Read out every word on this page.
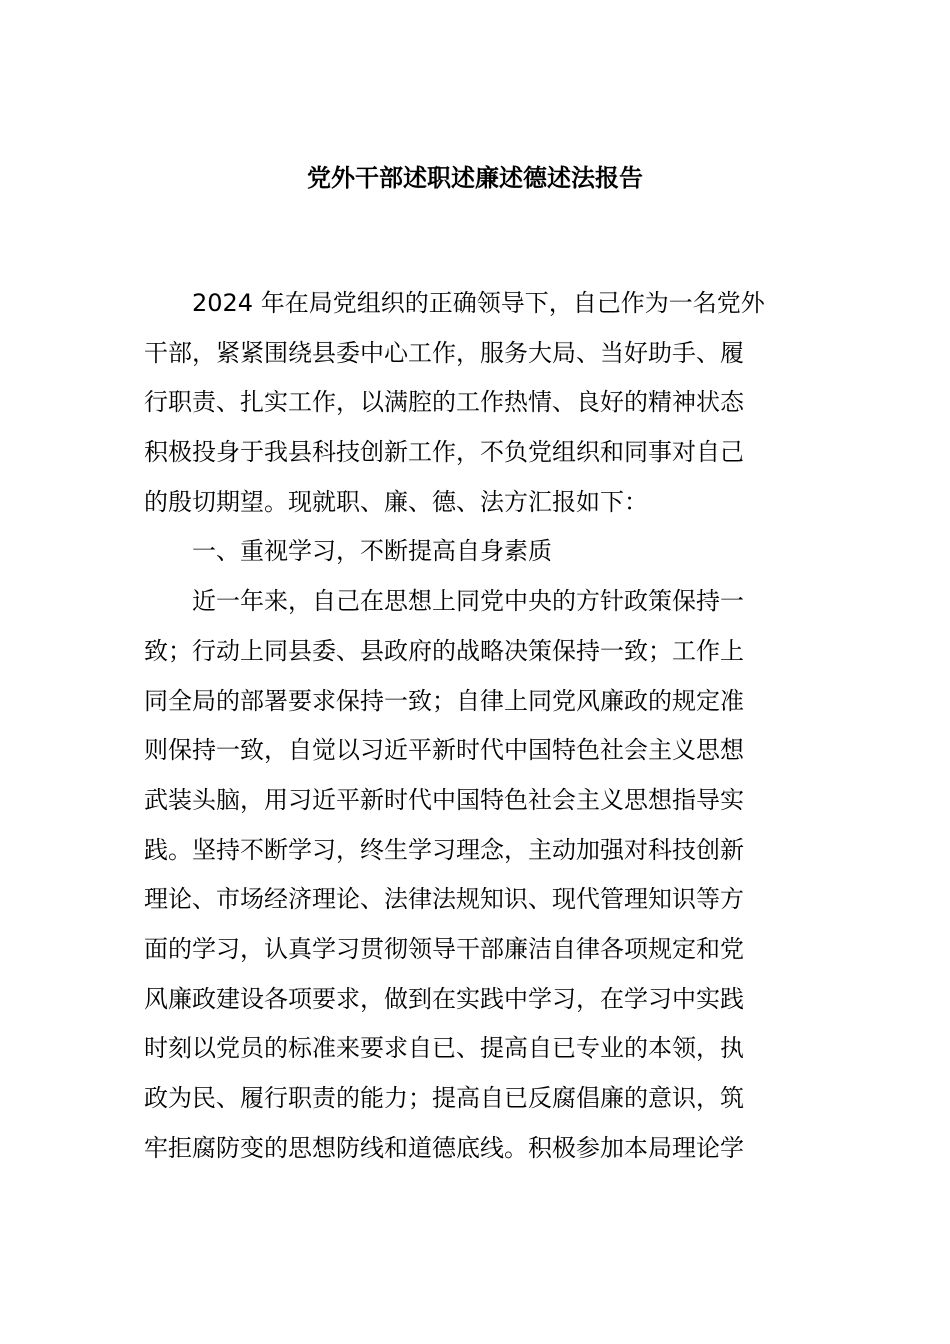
党外干部述职述廉述德述法报告
　　2024 年在局党组织的正确领导下，自己作为一名党外
干部，紧紧围绕县委中心工作，服务大局、当好助手、履
行职责、扎实工作，以满腔的工作热情、良好的精神状态
积极投身于我县科技创新工作，不负党组织和同事对自己
的殷切期望。现就职、廉、德、法方汇报如下：
　　一、重视学习，不断提高自身素质
　　近一年来，自己在思想上同党中央的方针政策保持一
致；行动上同县委、县政府的战略决策保持一致；工作上
同全局的部署要求保持一致；自律上同党风廉政的规定准
则保持一致，自觉以习近平新时代中国特色社会主义思想
武装头脑，用习近平新时代中国特色社会主义思想指导实
践。坚持不断学习，终生学习理念，主动加强对科技创新
理论、市场经济理论、法律法规知识、现代管理知识等方
面的学习，认真学习贯彻领导干部廉洁自律各项规定和党
风廉政建设各项要求，做到在实践中学习，在学习中实践
时刻以党员的标准来要求自已、提高自已专业的本领，执
政为民、履行职责的能力；提高自已反腐倡廉的意识，筑
牢拒腐防变的思想防线和道德底线。积极参加本局理论学
